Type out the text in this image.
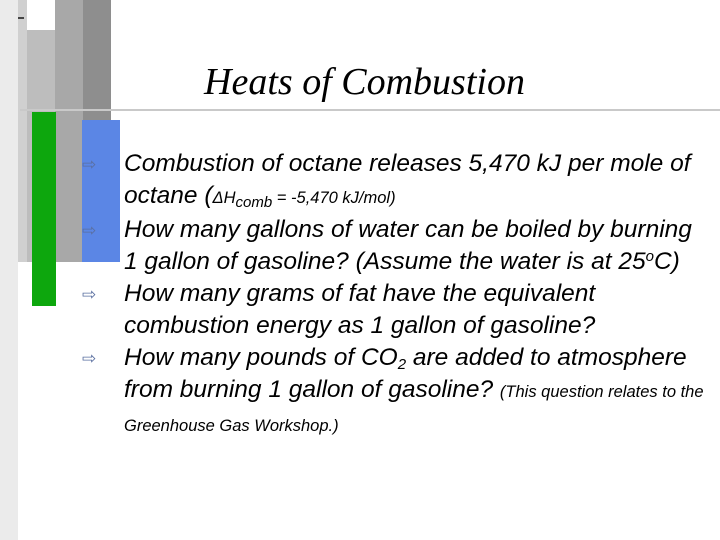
Heats of Combustion
⇨	Combustion of octane releases 5,470 kJ per mole of octane ($\Delta H_{comb} = -5,470$ kJ/mol)
⇨	How many gallons of water can be boiled by burning 1 gallon of gasoline? (Assume the water is at 25$^o$C)
⇨	How many grams of fat have the equivalent combustion energy as 1 gallon of gasoline?
⇨	How many pounds of $CO_2$ are added to atmosphere from burning 1 gallon of gasoline? (This question relates to the Greenhouse Gas Workshop.)
